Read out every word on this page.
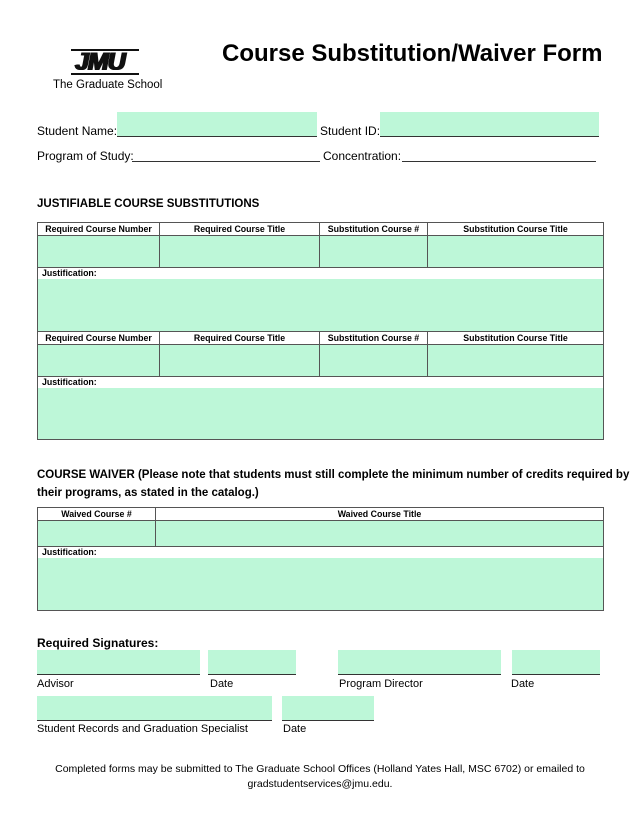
JMU
The Graduate School
Course Substitution/Waiver Form
Student Name:	Student ID:
Program of Study:	Concentration:
JUSTIFIABLE COURSE SUBSTITUTIONS
Required Course Number	Required Course Title	Substitution Course #	Substitution Course Title

Justification:			
Required Course Number	Required Course Title	Substitution Course #	Substitution Course Title

Justification:			
COURSE WAIVER (Please note that students must still complete the minimum number of credits required by
their programs, as stated in the catalog.)
Waived Course #	Waived Course Title

Justification:	
Required Signatures:
Advisor	Date	Program Director	Date
Student Records and Graduation Specialist	Date
Completed forms may be submitted to The Graduate School Offices (Holland Yates Hall, MSC 6702) or emailed to
gradstudentservices@jmu.edu.
